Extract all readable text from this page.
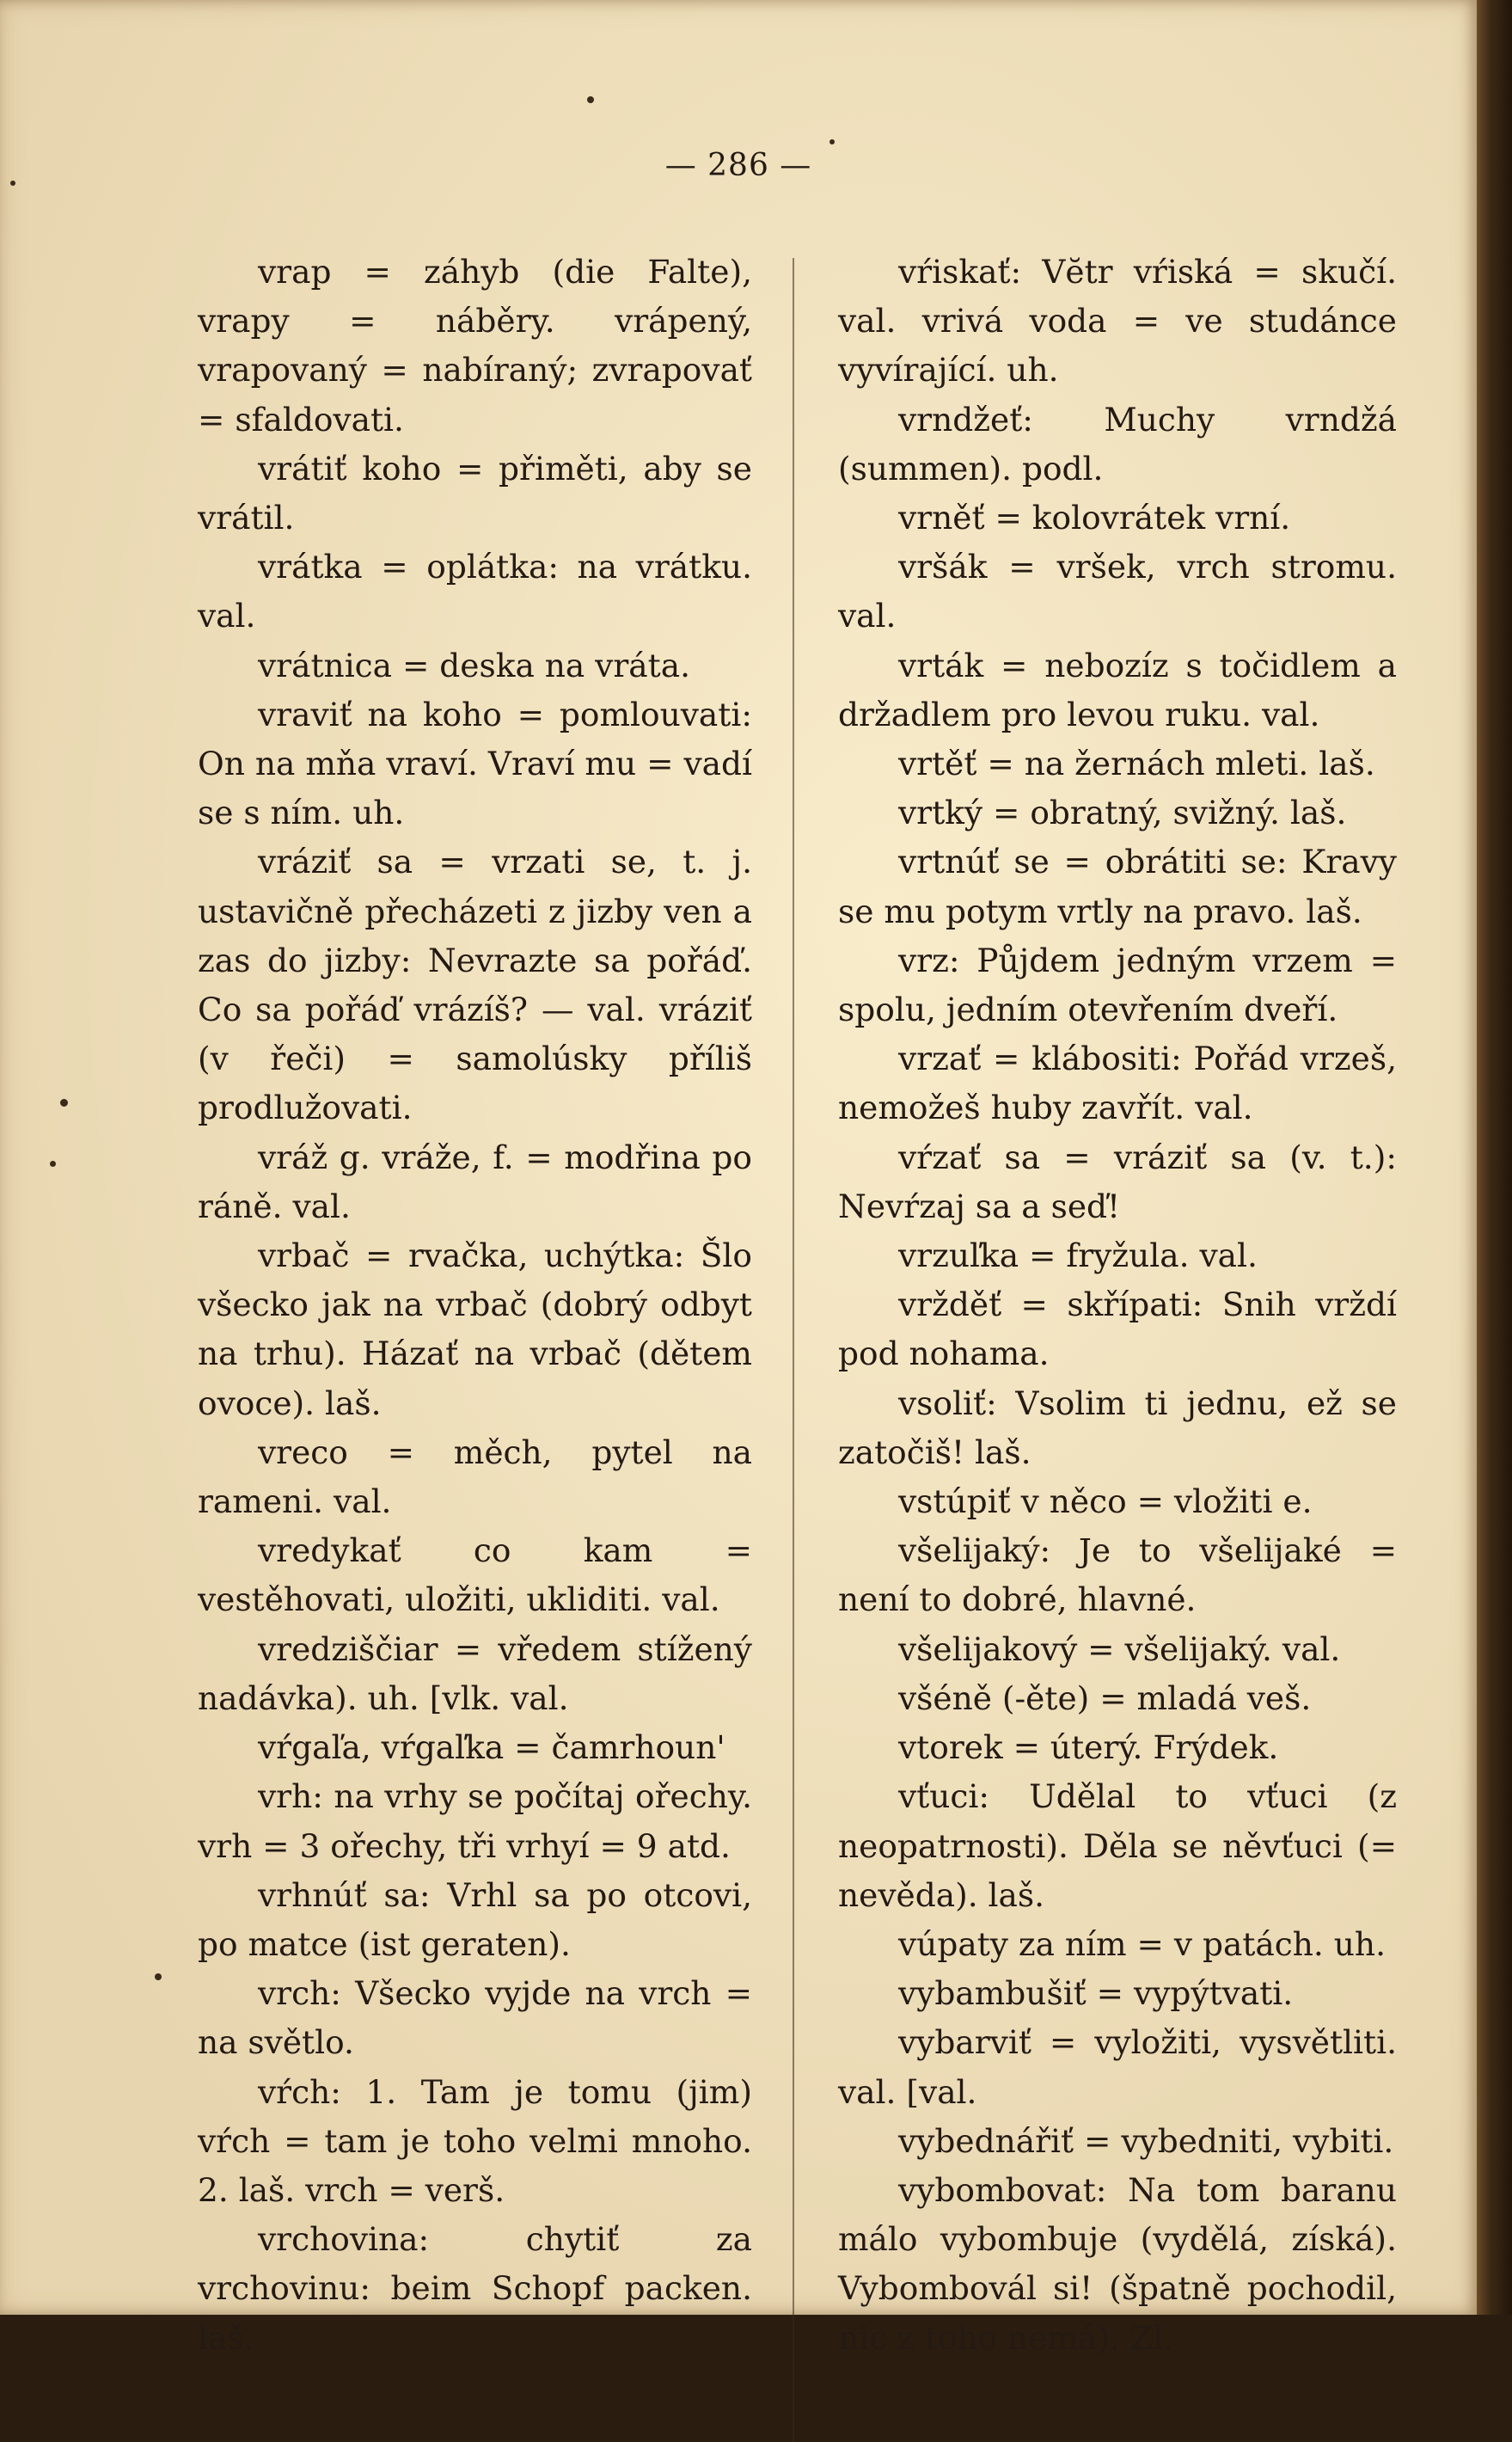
— 286 —

vrap = záhyb (die Falte), vrapy = náběry. vrápený, vrapovaný = nabíraný; zvrapovať = sfaldovati.

vrátiť koho = přiměti, aby se vrátil.

vrátka = oplátka: na vrátku. val.

vrátnica = deska na vráta.

vraviť na koho = pomlouvati: On na mňa vraví. Vraví mu = vadí se s ním. uh.

vráziť sa = vrzati se, t. j. ustavičně přecházeti z jizby ven a zas do jizby: Nevrazte sa pořáď. Co sa pořáď vrázíš? — val. vráziť (v řeči) = samolúsky příliš prodlužovati.

vráž g. vráže, f. = modřina po ráně. val.

vrbač = rvačka, uchýtka: Šlo všecko jak na vrbač (dobrý odbyt na trhu). Házať na vrbač (dětem ovoce). laš.

vreco = měch, pytel na rameni. val.

vredykať co kam = vestěhovati, uložiti, ukliditi. val.

vredziščiar = vředem stížený nadávka). uh. [vlk. val.

vŕgaľa, vŕgaľka = čamrhoun'

vrh: na vrhy se počítaj ořechy. vrh = 3 ořechy, tři vrhyí = 9 atd.

vrhnúť sa: Vrhl sa po otcovi, po matce (ist geraten).

vrch: Všecko vyjde na vrch = na světlo.

vŕch: 1. Tam je tomu (jim) vŕch = tam je toho velmi mnoho. 2. laš. vrch = verš.

vrchovina: chytiť za vrchovinu: beim Schopf packen. laš.

vŕiskať: Vĕtr vŕiská = skučí. val. vrivá voda = ve studánce vyvírající. uh.

vrndžeť: Muchy vrndžá (summen). podl.

vrněť = kolovrátek vrní.

vršák = vršek, vrch stromu. val.

vrták = nebozíz s točidlem a držadlem pro levou ruku. val.

vrtěť = na žernách mleti. laš.

vrtký = obratný, svižný. laš.

vrtnúť se = obrátiti se: Kravy se mu potym vrtly na pravo. laš.

vrz: Půjdem jedným vrzem = spolu, jedním otevřením dveří.

vrzať = klábositi: Pořád vrzeš, nemožeš huby zavřít. val.

vŕzať sa = vráziť sa (v. t.): Nevŕzaj sa a seď!

vrzuľka = fryžula. val.

vržděť = skřípati: Snih vrždí pod nohama.

vsoliť: Vsolim ti jednu, ež se zatočiš! laš.

vstúpiť v něco = vložiti e.

všelijaký: Je to všelijaké = není to dobré, hlavné.

všelijakový = všelijaký. val.

všéně (-ěte) = mladá veš.

vtorek = úterý. Frýdek.

vťuci: Udělal to vťuci (z neopatrnosti). Děla se něvťuci (= nevěda). laš.

vúpaty za ním = v patách. uh.

vybambušiť = vypýtvati.

vybarviť = vyložiti, vysvětliti. val. [val.

vybednářiť = vybedniti, vybiti.

vybombovat: Na tom baranu málo vybombuje (vydělá, získá). Vybombovál si! (špatně pochodil, nic z toho nemá). Zl.
